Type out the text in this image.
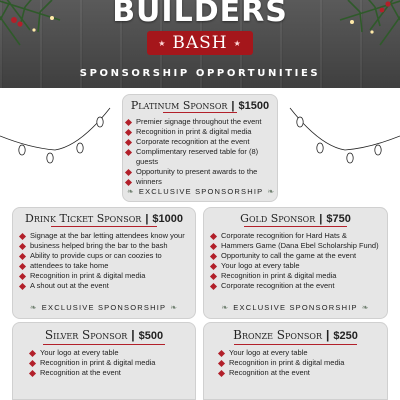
BUILDERS
★ BASH ★
SPONSORSHIP OPPORTUNITIES
Platinum Sponsor | $1500
Premier signage throughout the event
Recognition in print & digital media
Corporate recognition at the event
Complimentary reserved table for (8) guests
Opportunity to present awards to the
winners
❧ EXCLUSIVE SPONSORSHIP ❧
Drink Ticket Sponsor | $1000
Signage at the bar letting attendees know your
business helped bring the bar to the bash
Ability to provide cups or can coozies to
attendees to take home
Recognition in print & digital media
A shout out at the event
❧ EXCLUSIVE SPONSORSHIP ❧
Gold Sponsor | $750
Corporate recognition for Hard Hats &
Hammers Game (Dana Ebel Scholarship Fund)
Opportunity to call the game at the event
Your logo at every table
Recognition in print & digital media
Corporate recognition at the event
❧ EXCLUSIVE SPONSORSHIP ❧
Silver Sponsor | $500
Your logo at every table
Recognition in print & digital media
Recognition at the event
Bronze Sponsor | $250
Your logo at every table
Recognition in print & digital media
Recognition at the event
